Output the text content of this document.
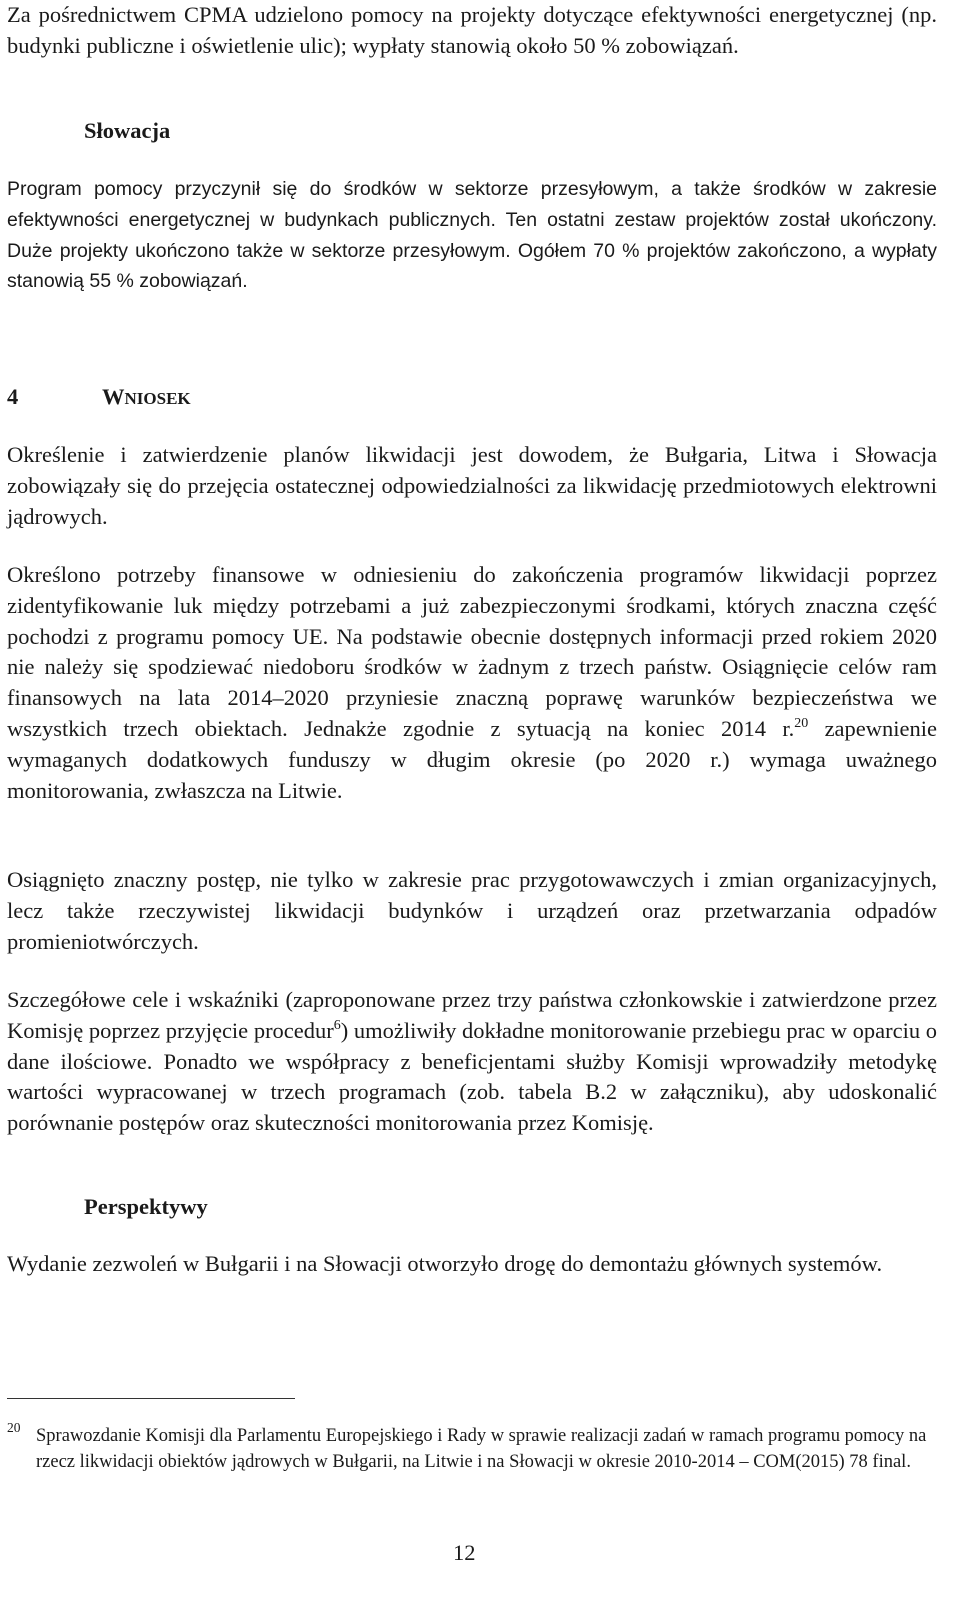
Za pośrednictwem CPMA udzielono pomocy na projekty dotyczące efektywności energetycznej (np. budynki publiczne i oświetlenie ulic); wypłaty stanowią około 50 % zobowiązań.

Słowacja

Program pomocy przyczynił się do środków w sektorze przesyłowym, a także środków w zakresie efektywności energetycznej w budynkach publicznych. Ten ostatni zestaw projektów został ukończony. Duże projekty ukończono także w sektorze przesyłowym. Ogółem 70 % projektów zakończono, a wypłaty stanowią 55 % zobowiązań.

4	WNIOSEK

Określenie i zatwierdzenie planów likwidacji jest dowodem, że Bułgaria, Litwa i Słowacja zobowiązały się do przejęcia ostatecznej odpowiedzialności za likwidację przedmiotowych elektrowni jądrowych.

Określono potrzeby finansowe w odniesieniu do zakończenia programów likwidacji poprzez zidentyfikowanie luk między potrzebami a już zabezpieczonymi środkami, których znaczna część pochodzi z programu pomocy UE. Na podstawie obecnie dostępnych informacji przed rokiem 2020 nie należy się spodziewać niedoboru środków w żadnym z trzech państw. Osiągnięcie celów ram finansowych na lata 2014–2020 przyniesie znaczną poprawę warunków bezpieczeństwa we wszystkich trzech obiektach. Jednakże zgodnie z sytuacją na koniec 2014 r.$^{20}$ zapewnienie wymaganych dodatkowych funduszy w długim okresie (po 2020 r.) wymaga uważnego monitorowania, zwłaszcza na Litwie.

Osiągnięto znaczny postęp, nie tylko w zakresie prac przygotowawczych i zmian organizacyjnych, lecz także rzeczywistej likwidacji budynków i urządzeń oraz przetwarzania odpadów promieniotwórczych.

Szczegółowe cele i wskaźniki (zaproponowane przez trzy państwa członkowskie i zatwierdzone przez Komisję poprzez przyjęcie procedur$^6$) umożliwiły dokładne monitorowanie przebiegu prac w oparciu o dane ilościowe. Ponadto we współpracy z beneficjentami służby Komisji wprowadziły metodykę wartości wypracowanej w trzech programach (zob. tabela B.2 w załączniku), aby udoskonalić porównanie postępów oraz skuteczności monitorowania przez Komisję.

Perspektywy

Wydanie zezwoleń w Bułgarii i na Słowacji otworzyło drogę do demontażu głównych systemów.

20 Sprawozdanie Komisji dla Parlamentu Europejskiego i Rady w sprawie realizacji zadań w ramach programu pomocy na rzecz likwidacji obiektów jądrowych w Bułgarii, na Litwie i na Słowacji w okresie 2010-2014 – COM(2015) 78 final.

12
